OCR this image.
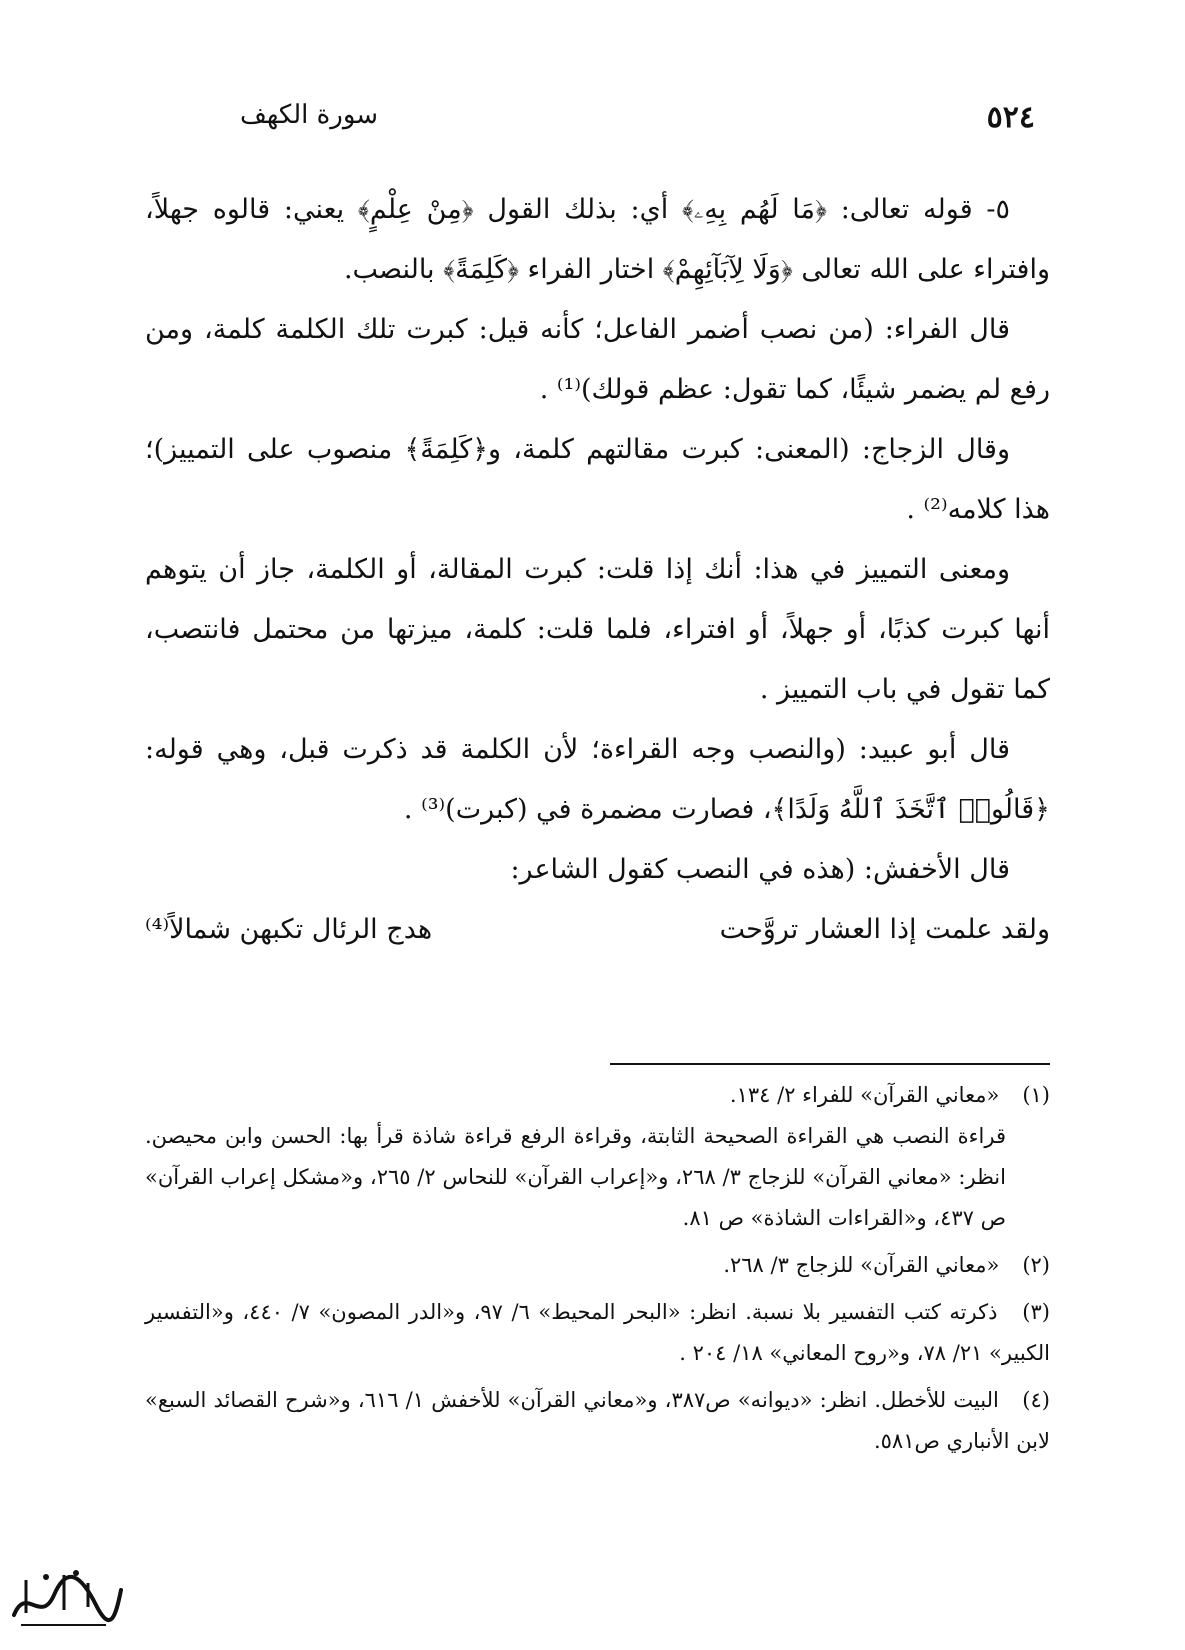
٥٢٤
سورة الكهف

٥- قوله تعالى: ﴿مَا لَهُم بِهِۦ﴾ أي: بذلك القول ﴿مِنْ عِلْمٍ﴾ يعني: قالوه جهلاً، وافتراء على الله تعالى ﴿وَلَا لِآبَآئِهِمْ﴾ اختار الفراء ﴿كَلِمَةً﴾ بالنصب.

قال الفراء: (من نصب أضمر الفاعل؛ كأنه قيل: كبرت تلك الكلمة كلمة، ومن رفع لم يضمر شيئًا، كما تقول: عظم قولك)⁽¹⁾ .

وقال الزجاج: (المعنى: كبرت مقالتهم كلمة، و﴿كَلِمَةً﴾ منصوب على التمييز)؛ هذا كلامه⁽²⁾ .

ومعنى التمييز في هذا: أنك إذا قلت: كبرت المقالة، أو الكلمة، جاز أن يتوهم أنها كبرت كذبًا، أو جهلاً، أو افتراء، فلما قلت: كلمة، ميزتها من محتمل فانتصب، كما تقول في باب التمييز .

قال أبو عبيد: (والنصب وجه القراءة؛ لأن الكلمة قد ذكرت قبل، وهي قوله: ﴿قَالُوا۟ ٱتَّخَذَ ٱللَّهُ وَلَدًا﴾، فصارت مضمرة في (كبرت)⁽³⁾ .

قال الأخفش: (هذه في النصب كقول الشاعر:

ولقد علمت إذا العشار تروَّحت
هدج الرئال تكبهن شمالاً⁽⁴⁾
(١) «معاني القرآن» للفراء ٢/ ١٣٤.
قراءة النصب هي القراءة الصحيحة الثابتة، وقراءة الرفع قراءة شاذة قرأ بها: الحسن وابن محيصن. انظر: «معاني القرآن» للزجاج ٣/ ٢٦٨، و«إعراب القرآن» للنحاس ٢/ ٢٦٥، و«مشكل إعراب القرآن» ص ٤٣٧، و«القراءات الشاذة» ص ٨١.
(٢) «معاني القرآن» للزجاج ٣/ ٢٦٨.
(٣) ذكرته كتب التفسير بلا نسبة. انظر: «البحر المحيط» ٦/ ٩٧، و«الدر المصون» ٧/ ٤٤٠، و«التفسير الكبير» ٢١/ ٧٨، و«روح المعاني» ١٨/ ٢٠٤ .
(٤) البيت للأخطل. انظر: «ديوانه» ص٣٨٧، و«معاني القرآن» للأخفش ١/ ٦١٦، و«شرح القصائد السبع» لابن الأنباري ص٥٨١.
